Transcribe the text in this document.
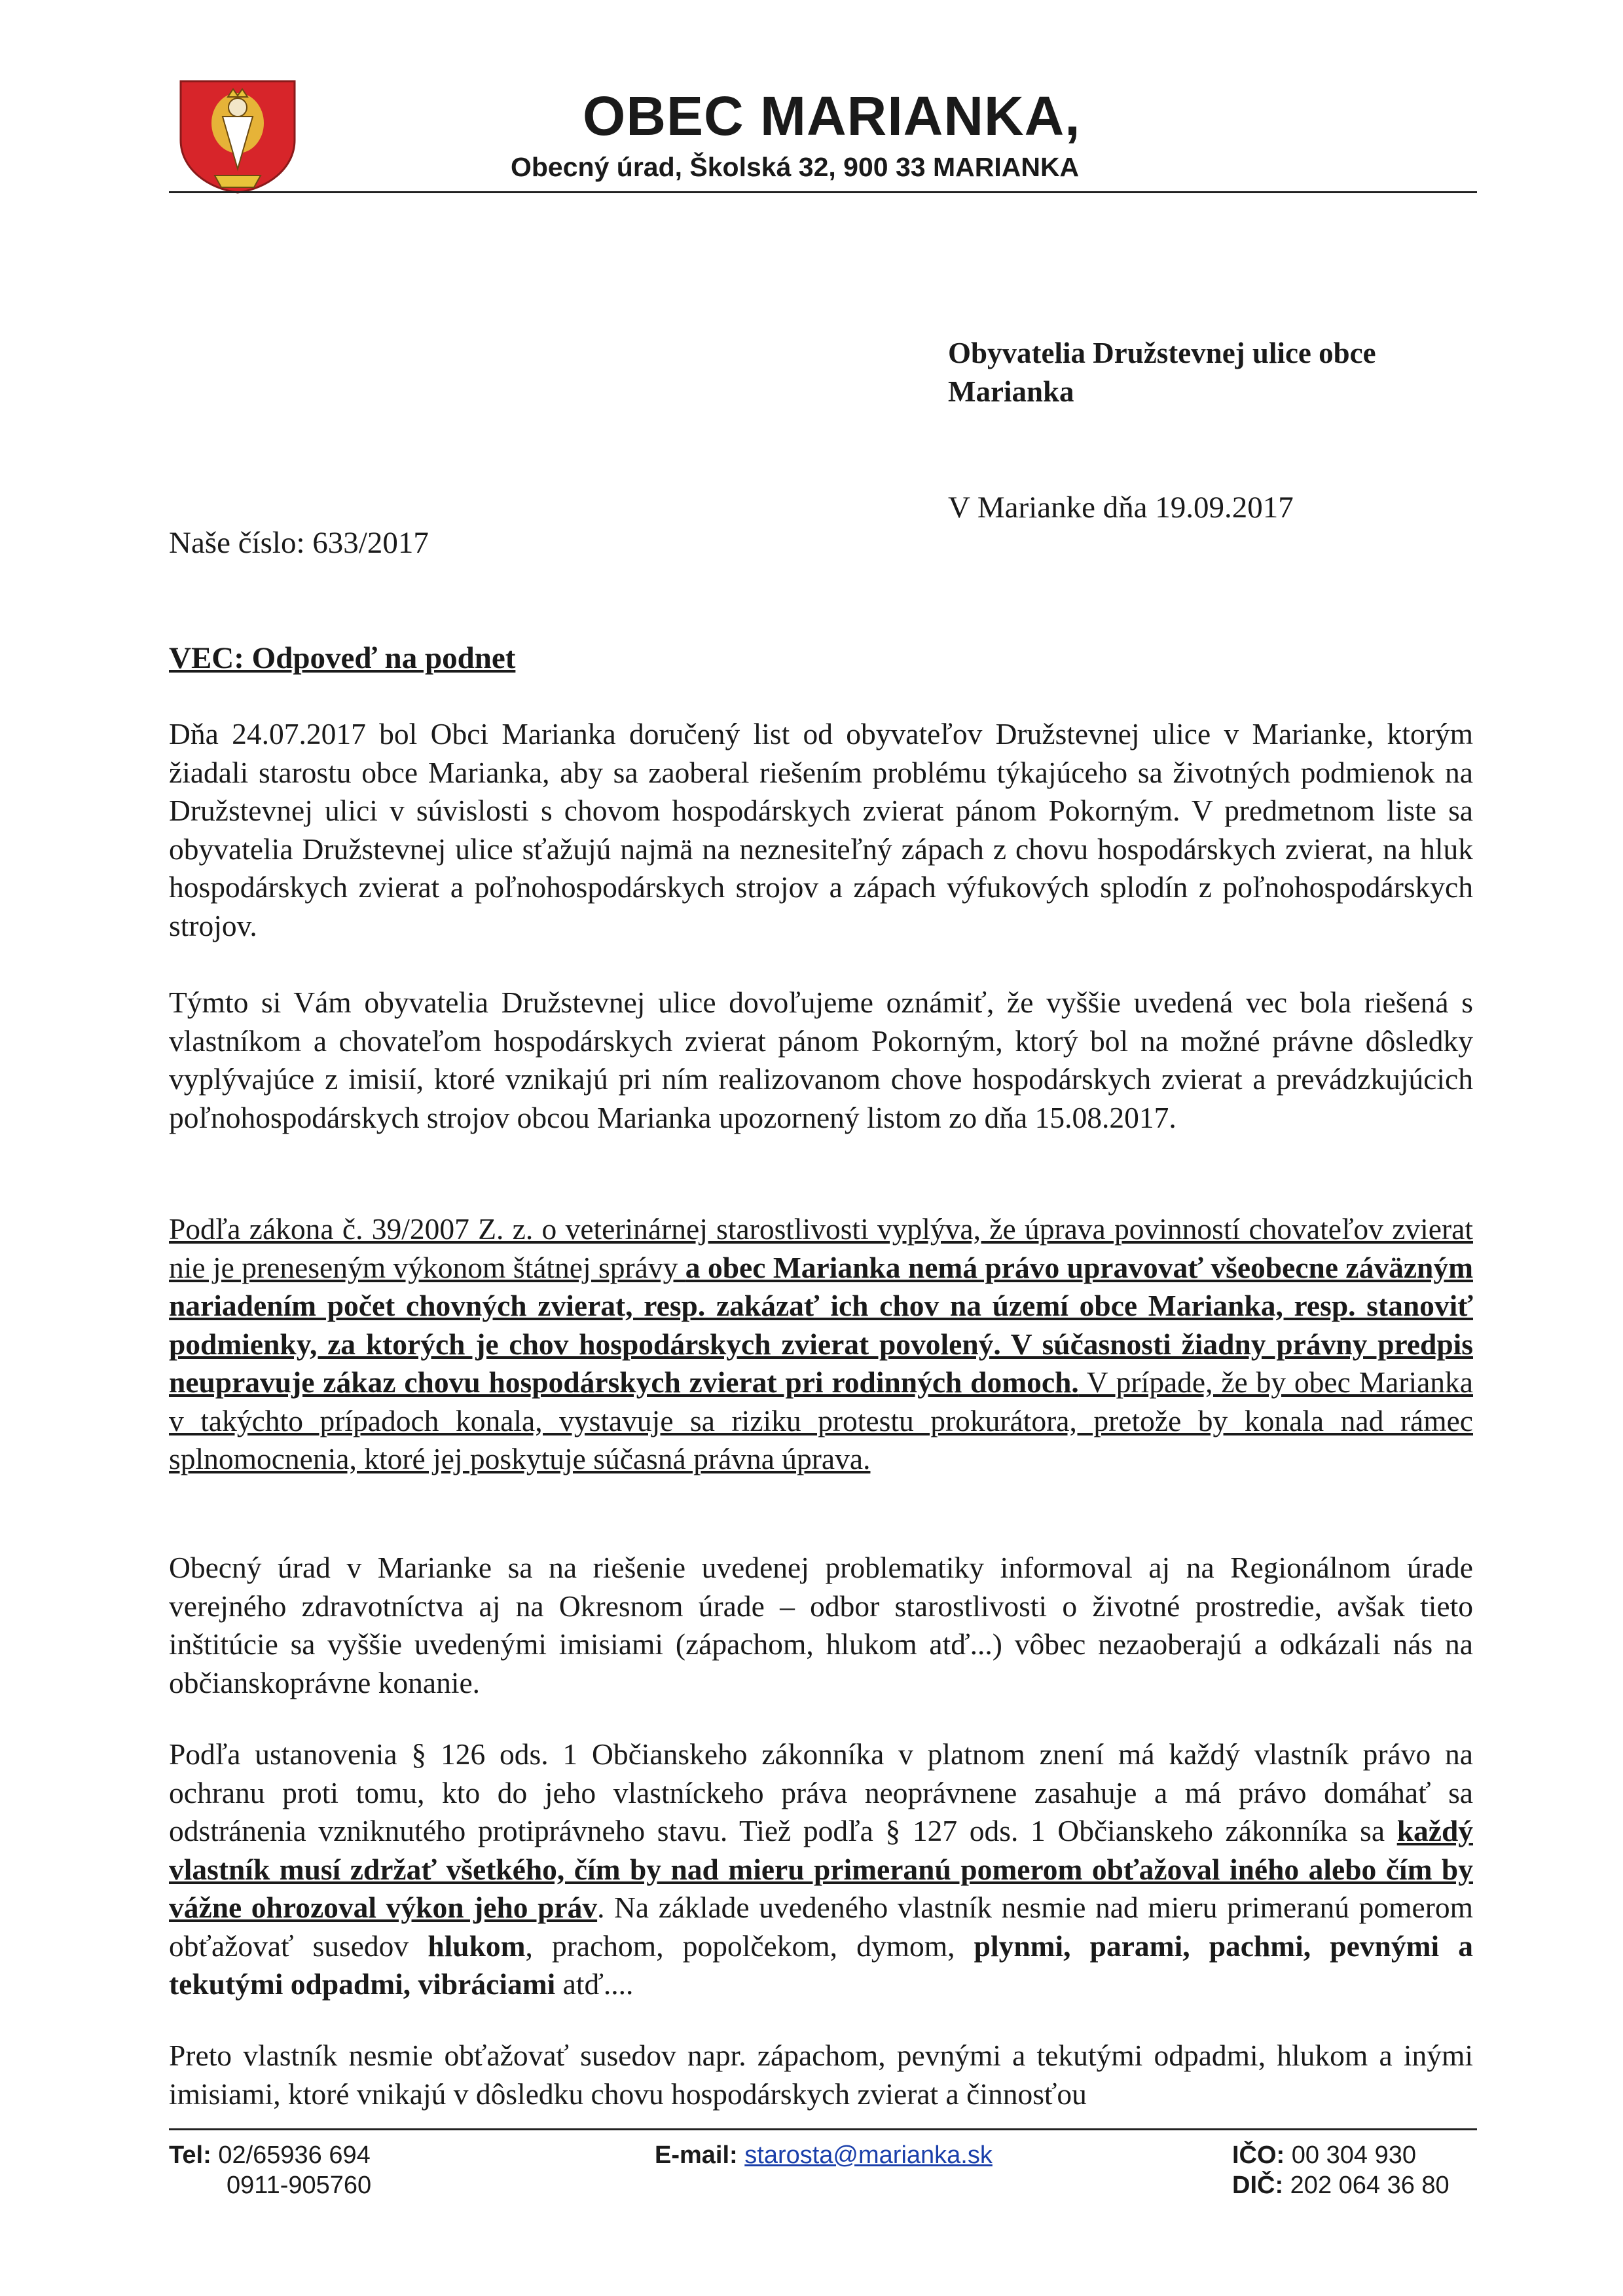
OBEC MARIANKA,
Obecný úrad, Školská 32, 900 33 MARIANKA
Obyvatelia Družstevnej ulice obce
Marianka
V Marianke dňa 19.09.2017
Naše číslo: 633/2017
VEC: Odpoveď na podnet
Dňa 24.07.2017 bol Obci Marianka doručený list od obyvateľov Družstevnej ulice v Marianke, ktorým žiadali starostu obce Marianka, aby sa zaoberal riešením problému týkajúceho sa životných podmienok na Družstevnej ulici v súvislosti s chovom hospodárskych zvierat pánom Pokorným. V predmetnom liste sa obyvatelia Družstevnej ulice sťažujú najmä na neznesiteľný zápach z chovu hospodárskych zvierat, na hluk hospodárskych zvierat a poľnohospodárskych strojov a zápach výfukových splodín z poľnohospodárskych strojov.
Týmto si Vám obyvatelia Družstevnej ulice dovoľujeme oznámiť, že vyššie uvedená vec bola riešená s vlastníkom a chovateľom hospodárskych zvierat pánom Pokorným, ktorý bol na možné právne dôsledky vyplývajúce z imisií, ktoré vznikajú pri ním realizovanom chove hospodárskych zvierat a prevádzkujúcich poľnohospodárskych strojov obcou Marianka upozornený listom zo dňa 15.08.2017.
Podľa zákona č. 39/2007 Z. z. o veterinárnej starostlivosti vyplýva, že úprava povinností chovateľov zvierat nie je preneseným výkonom štátnej správy a obec Marianka nemá právo upravovať všeobecne záväzným nariadením počet chovných zvierat, resp. zakázať ich chov na území obce Marianka, resp. stanoviť podmienky, za ktorých je chov hospodárskych zvierat povolený. V súčasnosti žiadny právny predpis neupravuje zákaz chovu hospodárskych zvierat pri rodinných domoch. V prípade, že by obec Marianka v takýchto prípadoch konala, vystavuje sa riziku protestu prokurátora, pretože by konala nad rámec splnomocnenia, ktoré jej poskytuje súčasná právna úprava.
Obecný úrad v Marianke sa na riešenie uvedenej problematiky informoval aj na Regionálnom úrade verejného zdravotníctva aj na Okresnom úrade – odbor starostlivosti o životné prostredie, avšak tieto inštitúcie sa vyššie uvedenými imisiami (zápachom, hlukom atď...) vôbec nezaoberajú a odkázali nás na občianskoprávne konanie.
Podľa ustanovenia § 126 ods. 1 Občianskeho zákonníka v platnom znení má každý vlastník právo na ochranu proti tomu, kto do jeho vlastníckeho práva neoprávnene zasahuje a má právo domáhať sa odstránenia vzniknutého protiprávneho stavu. Tiež podľa § 127 ods. 1 Občianskeho zákonníka sa každý vlastník musí zdržať všetkého, čím by nad mieru primeranú pomerom obťažoval iného alebo čím by vážne ohrozoval výkon jeho práv. Na základe uvedeného vlastník nesmie nad mieru primeranú pomerom obťažovať susedov hlukom, prachom, popolčekom, dymom, plynmi, parami, pachmi, pevnými a tekutými odpadmi, vibráciami atď....
Preto vlastník nesmie obťažovať susedov napr. zápachom, pevnými a tekutými odpadmi, hlukom a inými imisiami, ktoré vnikajú v dôsledku chovu hospodárskych zvierat a činnosťou
Tel: 02/65936 694
0911-905760
E-mail: starosta@marianka.sk	IČO: 00 304 930
DIČ: 202 064 36 80
